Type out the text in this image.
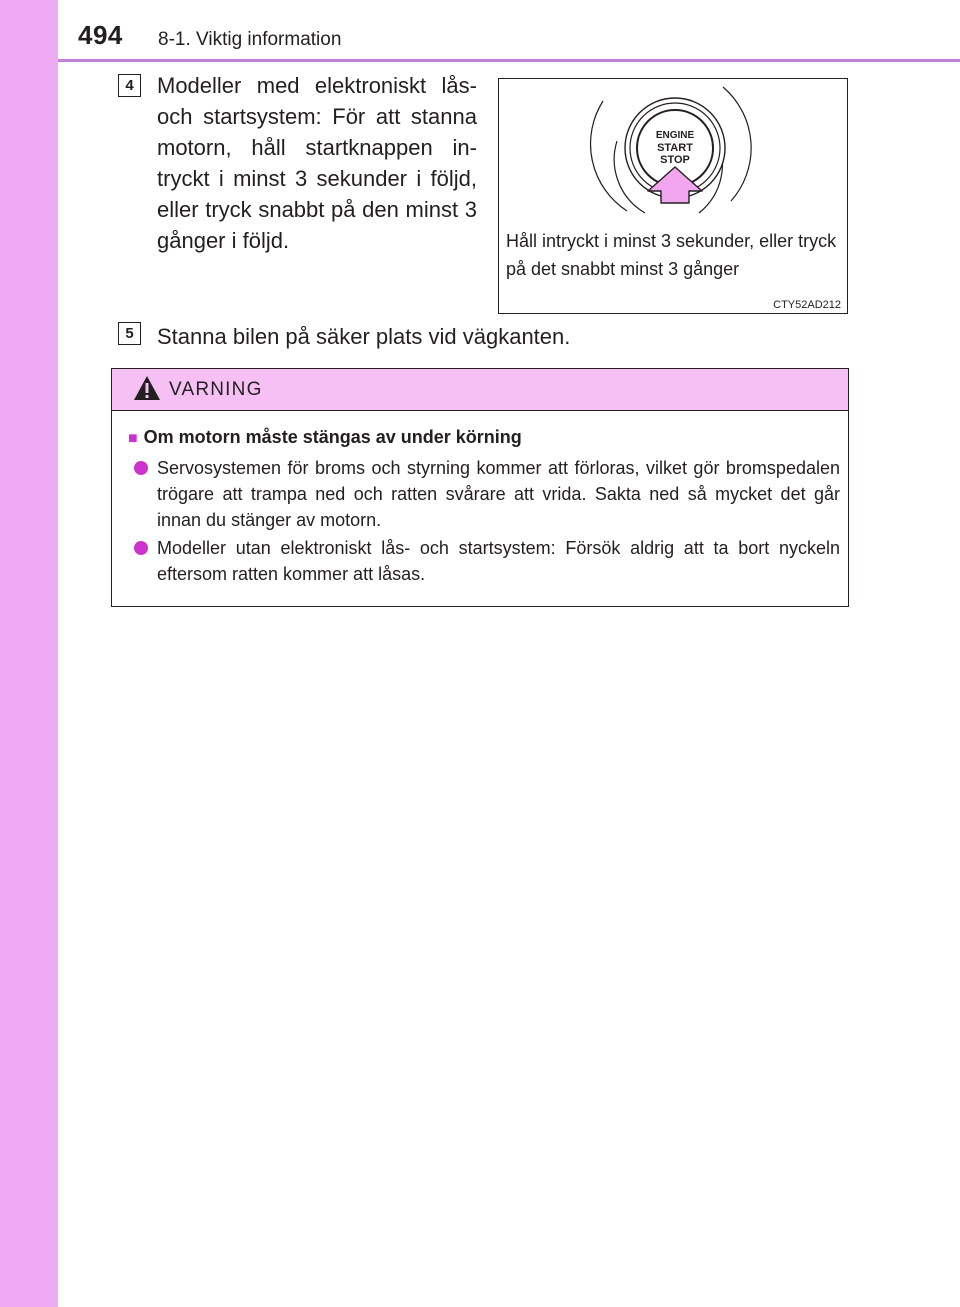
494 8-1. Viktig information
4	Modeller med elektroniskt lås- och startsystem: För att stanna motorn, håll startknappen in- tryckt i minst 3 sekunder i följd, eller tryck snabbt på den minst 3 gånger i följd.
ENGINE
START
STOP
Håll intryckt i minst 3 sekunder, eller tryck på det snabbt minst 3 gånger
CTY52AD212
5	Stanna bilen på säker plats vid vägkanten.
VARNING
■ Om motorn måste stängas av under körning
Servosystemen för broms och styrning kommer att förloras, vilket gör bromspedalen trögare att trampa ned och ratten svårare att vrida. Sakta ned så mycket det går innan du stänger av motorn.
Modeller utan elektroniskt lås- och startsystem: Försök aldrig att ta bort nyckeln eftersom ratten kommer att låsas.
